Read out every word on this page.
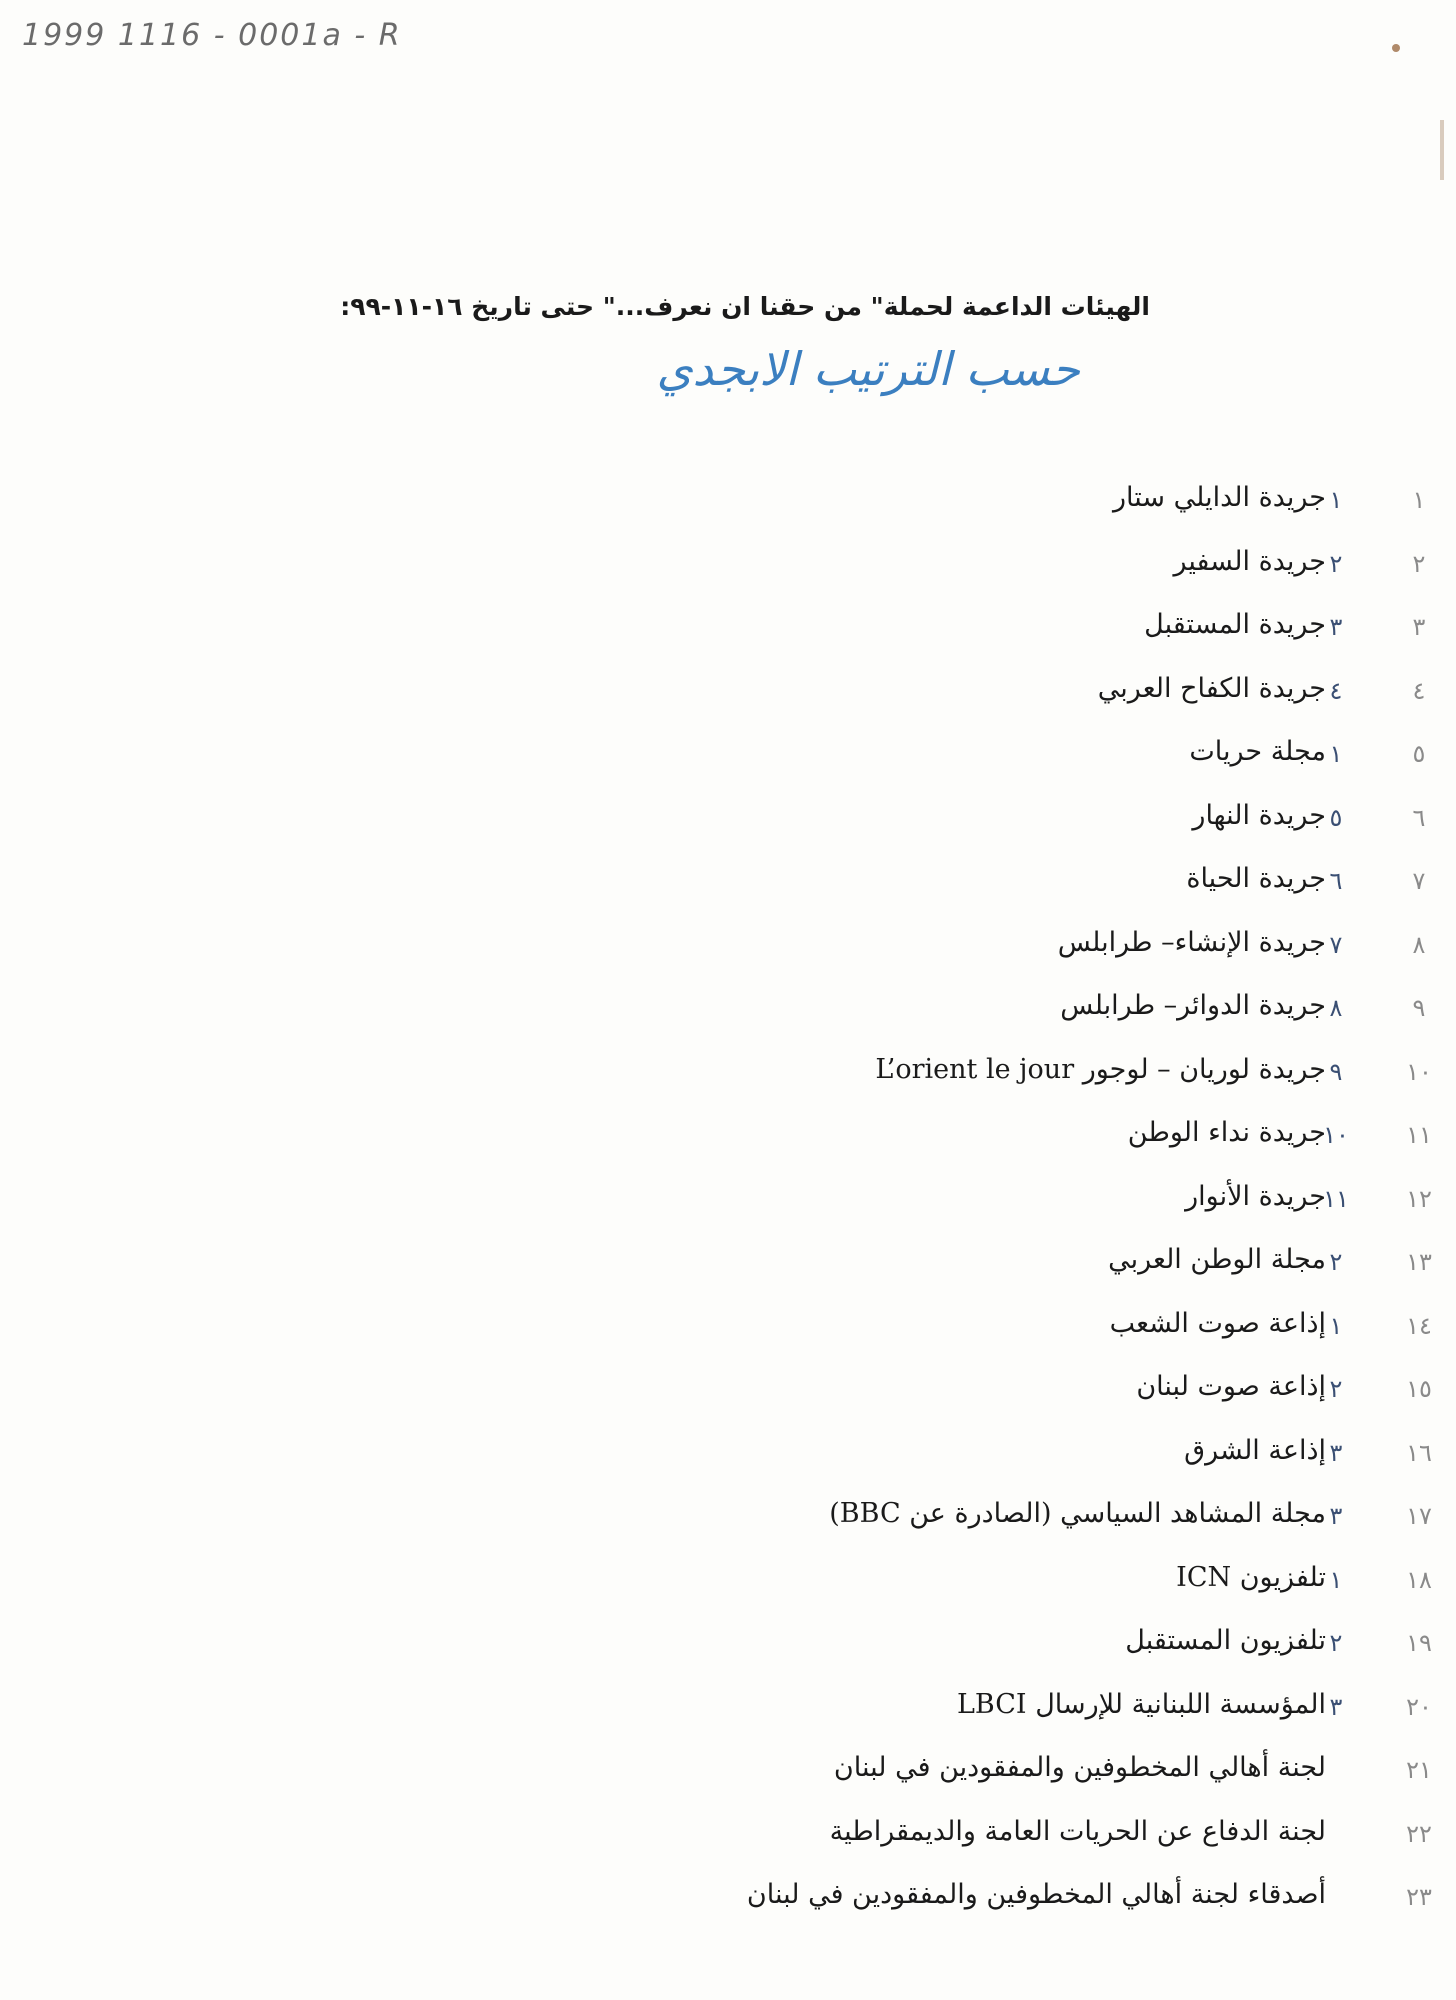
1999 1116 - 0001a - R
الهيئات الداعمة لحملة" من حقنا ان نعرف..." حتى تاريخ ١٦-١١-٩٩:
حسب الترتيب الابجدي
١
١
جريدة الدايلي ستار
٢
٢
جريدة السفير
٣
٣
جريدة المستقبل
٤
٤
جريدة الكفاح العربي
٥
١
مجلة حريات
٦
٥
جريدة النهار
٧
٦
جريدة الحياة
٨
٧
جريدة الإنشاء– طرابلس
٩
٨
جريدة الدوائر– طرابلس
١٠
٩
جريدة لوريان – لوجور L’orient le jour
١١
١٠
جريدة نداء الوطن
١٢
١١
جريدة الأنوار
١٣
٢
مجلة الوطن العربي
١٤
١
إذاعة صوت الشعب
١٥
٢
إذاعة صوت لبنان
١٦
٣
إذاعة الشرق
١٧
٣
مجلة المشاهد السياسي (الصادرة عن BBC)
١٨
١
تلفزيون ICN
١٩
٢
تلفزيون المستقبل
٢٠
٣
المؤسسة اللبنانية للإرسال LBCI
٢١
لجنة أهالي المخطوفين والمفقودين في لبنان
٢٢
لجنة الدفاع عن الحريات العامة والديمقراطية
٢٣
أصدقاء لجنة أهالي المخطوفين والمفقودين في لبنان
